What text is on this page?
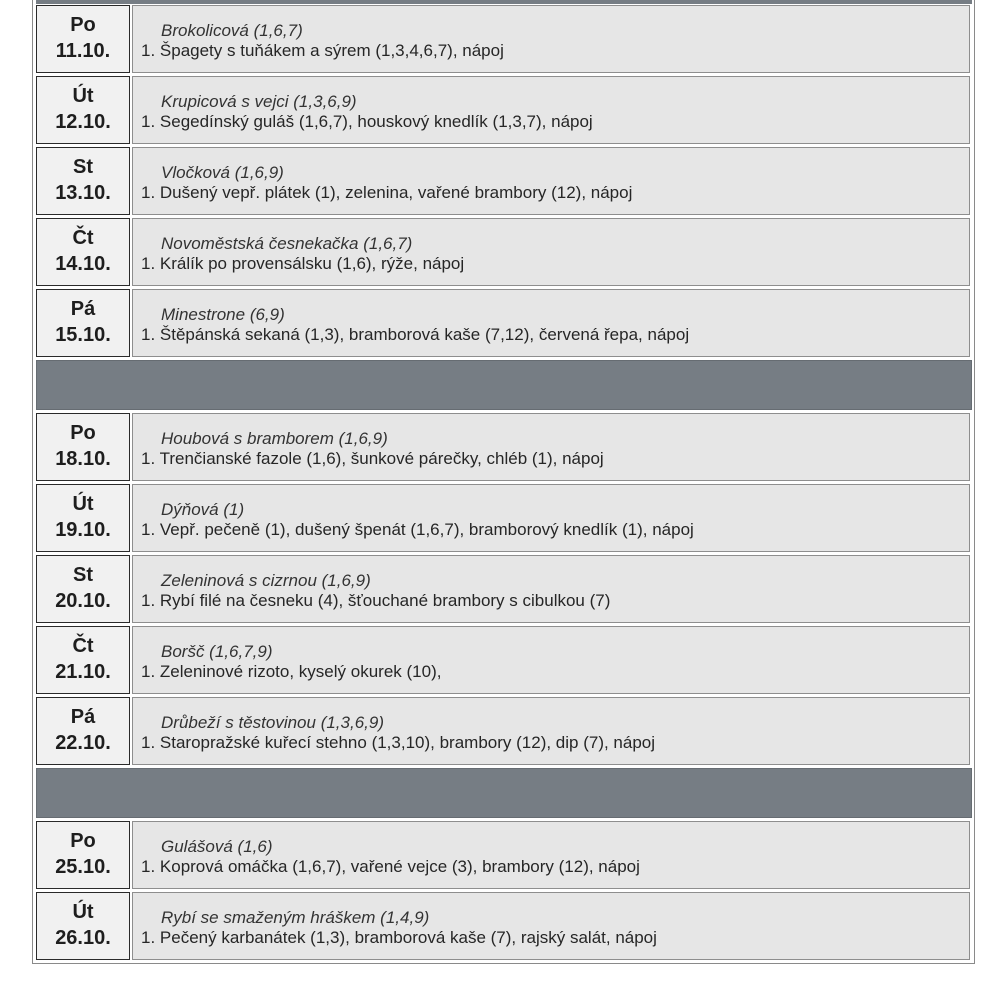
Po
11.10.
Brokolicová (1,6,7)
1. Špagety s tuňákem a sýrem (1,3,4,6,7), nápoj
Út
12.10.
Krupicová s vejci (1,3,6,9)
1. Segedínský guláš (1,6,7), houskový knedlík (1,3,7), nápoj
St
13.10.
Vločková (1,6,9)
1. Dušený vepř. plátek (1), zelenina, vařené brambory (12), nápoj
Čt
14.10.
Novoměstská česnekačka (1,6,7)
1. Králík po provensálsku (1,6), rýže, nápoj
Pá
15.10.
Minestrone (6,9)
1. Štěpánská sekaná (1,3), bramborová kaše (7,12), červená řepa, nápoj
Po
18.10.
Houbová s bramborem (1,6,9)
1. Trenčianské fazole (1,6), šunkové párečky, chléb (1), nápoj
Út
19.10.
Dýňová (1)
1. Vepř. pečeně (1), dušený špenát (1,6,7), bramborový knedlík (1), nápoj
St
20.10.
Zeleninová s cizrnou (1,6,9)
1. Rybí filé na česneku (4), šťouchané brambory s cibulkou (7)
Čt
21.10.
Boršč (1,6,7,9)
1. Zeleninové rizoto, kyselý okurek (10),
Pá
22.10.
Drůbeží s těstovinou (1,3,6,9)
1. Staropražské kuřecí stehno (1,3,10), brambory (12), dip (7), nápoj
Po
25.10.
Gulášová (1,6)
1. Koprová omáčka (1,6,7), vařené vejce (3), brambory (12), nápoj
Út
26.10.
Rybí se smaženým hráškem (1,4,9)
1. Pečený karbanátek (1,3), bramborová kaše (7), rajský salát, nápoj
